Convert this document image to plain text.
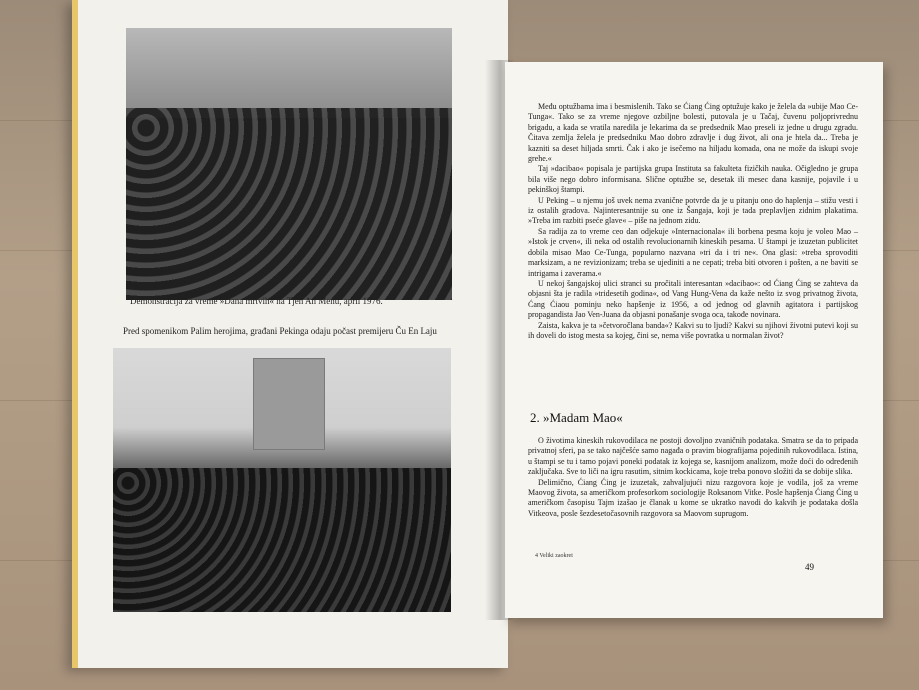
Demonstracija za vreme »Dana mrtvih« na Tjen An Menu, april 1976.
Pred spomenikom Palim herojima, građani Pekinga odaju počast premijeru Ču En Laju

Među optužbama ima i besmislenih. Tako se Ćiang Ćing optužuje kako je želela da »ubije Mao Ce-Tunga«. Tako se za vreme njegove ozbiljne bolesti, putovala je u Tačaj, čuvenu poljoprivrednu brigadu, a kada se vratila naredila je lekarima da se predsednik Mao preseli iz jedne u drugu zgradu. Čitava zemlja želela je predsedniku Mao dobro zdravlje i dug život, ali ona je htela da... Treba je kazniti sa deset hiljada smrti. Čak i ako je isečemo na hiljadu komada, ona ne može da iskupi svoje grehe.«

Taj »dacibao« popisala je partijska grupa Instituta sa fakulteta fizičkih nauka. Očigledno je grupa bila više nego dobro informisana. Slične optužbe se, desetak ili mesec dana kasnije, pojavile i u pekinškoj štampi.

U Peking – u njemu još uvek nema zvanične potvrde da je u pitanju ono do haplenja – stižu vesti i iz ostalih gradova. Najinteresantnije su one iz Šangaja, koji je tada preplavljen zidnim plakatima. »Treba im razbiti pseće glave« – piše na jednom zidu.

Sa radija za to vreme ceo dan odjekuje »Internacionala« ili borbena pesma koju je voleo Mao – »Istok je crven«, ili neka od ostalih revolucionarnih kineskih pesama. U štampi je izuzetan publicitet dobila misao Mao Ce-Tunga, popularno nazvana »tri da i tri ne«. Ona glasi: »treba sprovoditi marksizam, a ne revizionizam; treba se ujediniti a ne cepati; treba biti otvoren i pošten, a ne baviti se intrigama i zaverama.«

U nekoj šangajskoj ulici stranci su pročitali interesantan »dacibao«: od Ćiang Ćing se zahteva da objasni šta je radila »tridesetih godina«, od Vang Hung-Vena da kaže nešto iz svog privatnog života, Ćang Ćiaou pominju neko hapšenje iz 1956, a od jednog od glavnih agitatora i partijskog propagandista Jao Ven-Juana da objasni ponašanje svoga oca, takođe novinara.

Zaista, kakva je ta »četvoročlana banda«? Kakvi su to ljudi? Kakvi su njihovi životni putevi koji su ih doveli do istog mesta sa kojeg, čini se, nema više povratka u normalan život?

2. »Madam Mao«

O životima kineskih rukovodilaca ne postoji dovoljno zvaničnih podataka. Smatra se da to pripada privatnoj sferi, pa se tako najčešće samo nagađa o pravim biografijama pojedinih rukovodilaca. Istina, u štampi se tu i tamo pojavi poneki podatak iz kojega se, kasnijom analizom, može doći do određenih zaključaka. Sve to liči na igru rasutim, sitnim kockicama, koje treba ponovo složiti da se dobije slika.

Delimično, Ćiang Ćing je izuzetak, zahvaljujući nizu razgovora koje je vodila, još za vreme Maovog života, sa američkom profesorkom sociologije Roksanom Vitke. Posle hapšenja Ćiang Ćing u američkom časopisu Tajm izašao je članak u kome se ukratko navodi do kakvih je podataka došla Vitkeova, posle šezdesetočasovnih razgovora sa Maovom suprugom.

4 Veliki zaokret
49
